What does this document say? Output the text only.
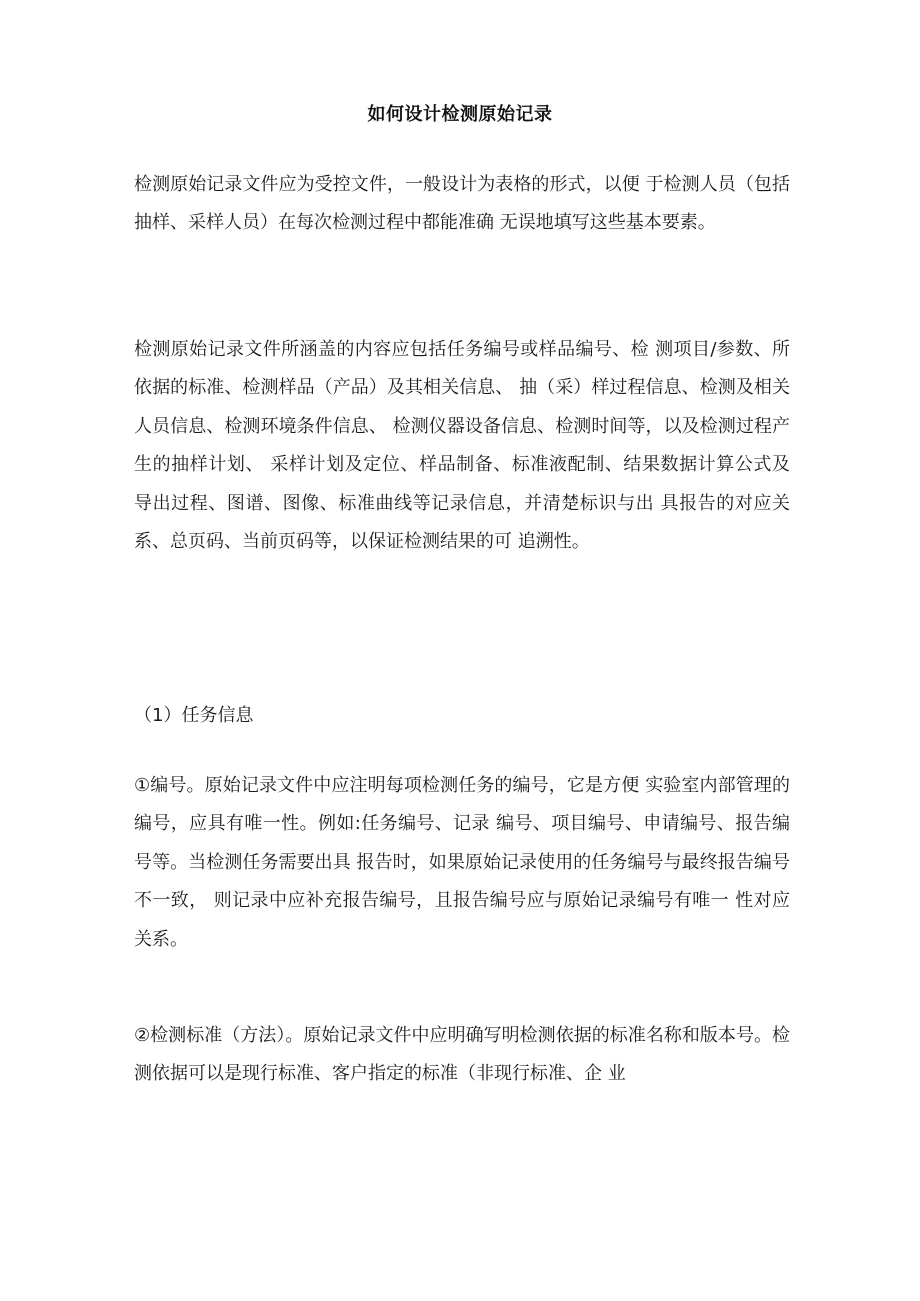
如何设计检测原始记录

检测原始记录文件应为受控文件，一般设计为表格的形式，以便 于检测人员（包括抽样、采样人员）在每次检测过程中都能准确 无误地填写这些基本要素。

检测原始记录文件所涵盖的内容应包括任务编号或样品编号、检 测项目/参数、所依据的标准、检测样品（产品）及其相关信息、 抽（采）样过程信息、检测及相关人员信息、检测环境条件信息、 检测仪器设备信息、检测时间等，以及检测过程产生的抽样计划、 采样计划及定位、样品制备、标准液配制、结果数据计算公式及 导出过程、图谱、图像、标准曲线等记录信息，并清楚标识与出 具报告的对应关系、总页码、当前页码等，以保证检测结果的可 追溯性。

（1）任务信息

①编号。原始记录文件中应注明每项检测任务的编号，它是方便 实验室内部管理的编号，应具有唯一性。例如:任务编号、记录 编号、项目编号、申请编号、报告编号等。当检测任务需要出具 报告时，如果原始记录使用的任务编号与最终报告编号不一致， 则记录中应补充报告编号，且报告编号应与原始记录编号有唯一 性对应关系。

②检测标准（方法）。原始记录文件中应明确写明检测依据的标准名称和版本号。检测依据可以是现行标准、客户指定的标准（非现行标准、企 业
